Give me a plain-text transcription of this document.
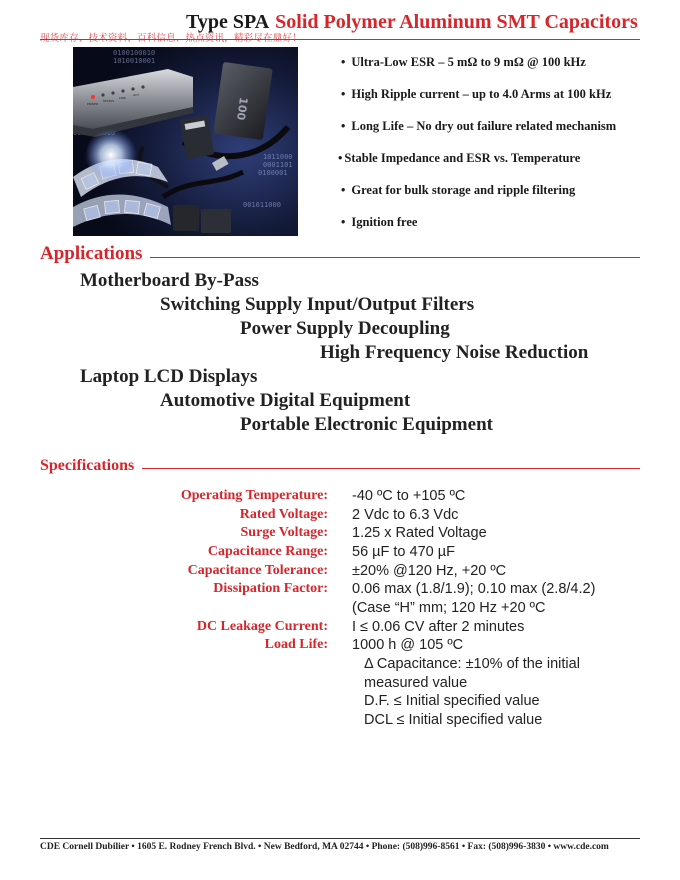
Type SPA Solid Polymer Aluminum SMT Capacitors
0100100010
1010010001
1011000
0001101
0100001
001011000
POWER
STATUS
LINK
ACT
100
• Ultra-Low ESR – 5 mΩ to 9 mΩ @ 100 kHz
• High Ripple current – up to 4.0 Arms at 100 kHz
• Long Life – No dry out failure related mechanism
• Stable Impedance and ESR vs. Temperature
• Great for bulk storage and ripple filtering
• Ignition free
Applications
Motherboard By-Pass
Switching Supply Input/Output Filters
Power Supply Decoupling
High Frequency Noise Reduction
Laptop LCD Displays
Automotive Digital Equipment
Portable Electronic Equipment
Specifications
Operating Temperature: -40 ºC to +105 ºC
Rated Voltage: 2 Vdc to 6.3 Vdc
Surge Voltage: 1.25 x Rated Voltage
Capacitance Range: 56 µF to 470 µF
Capacitance Tolerance: ±20% @120 Hz, +20 ºC
Dissipation Factor: 0.06 max (1.8/1.9); 0.10 max (2.8/4.2)
(Case “H” mm; 120 Hz +20 ºC
DC Leakage Current: I ≤ 0.06 CV after 2 minutes
Load Life: 1000 h @ 105 ºC
Δ Capacitance: ±10% of the initial
measured value
D.F. ≤ Initial specified value
DCL ≤ Initial specified value
CDE Cornell Dubilier • 1605 E. Rodney French Blvd. • New Bedford, MA 02744 • Phone: (508)996-8561 • Fax: (508)996-3830 • www.cde.com
